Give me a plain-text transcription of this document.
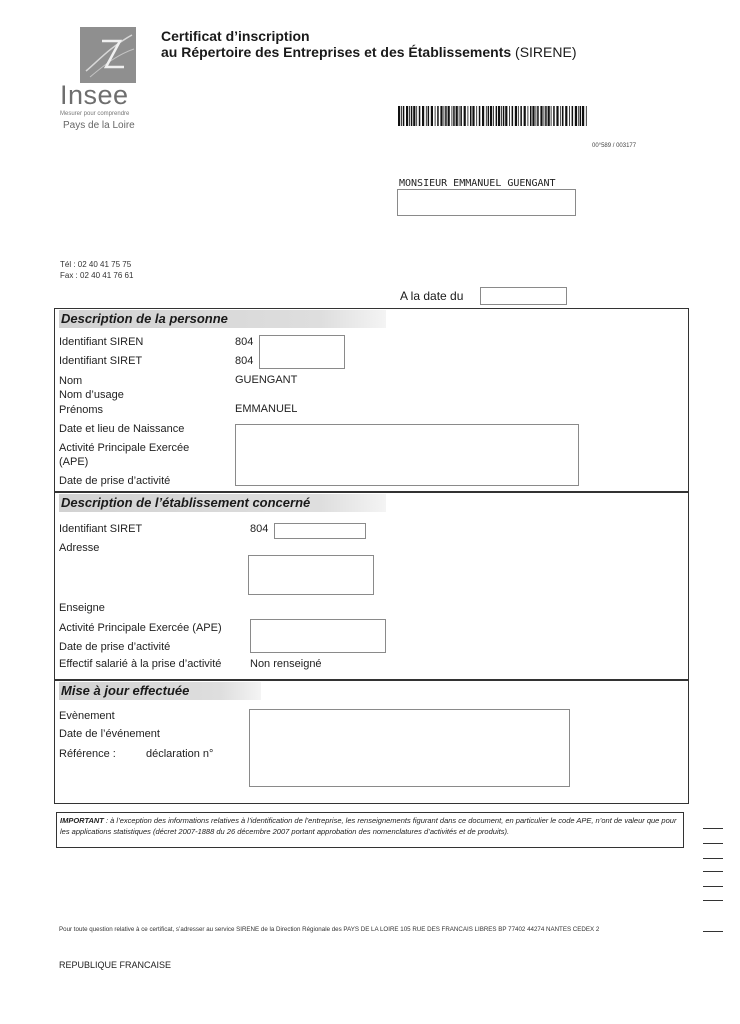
Insee
Mesurer pour comprendre
Pays de la Loire
Certificat d’inscription
au Répertoire des Entreprises et des Établissements (SIRENE)
00°589 / 003177
MONSIEUR EMMANUEL GUENGANT
Tél : 02 40 41 75 75
Fax : 02 40 41 76 61
A la date du
Description de la personne
Identifiant SIREN	804
Identifiant SIRET	804
Nom	GUENGANT
Nom d’usage
Prénoms	EMMANUEL
Date et lieu de Naissance
Activité Principale Exercée
(APE)
Date de prise d’activité
Description de l’établissement concerné
Identifiant SIRET	804
Adresse
Enseigne
Activité Principale Exercée (APE)
Date de prise d’activité
Effectif salarié à la prise d’activité	Non renseigné
Mise à jour effectuée
Evènement
Date de l’événement
Référence :	déclaration n°
IMPORTANT : à l’exception des informations relatives à l’identification de l’entreprise, les renseignements figurant dans ce document, en particulier le code APE, n’ont de valeur que pour les applications statistiques (décret 2007-1888 du 26 décembre 2007 portant approbation des nomenclatures d’activités et de produits).
Pour toute question relative à ce certificat, s’adresser au service SIRENE de la Direction Régionale des PAYS DE LA LOIRE 105 RUE DES FRANCAIS LIBRES BP 77402 44274 NANTES CEDEX 2
REPUBLIQUE FRANCAISE
